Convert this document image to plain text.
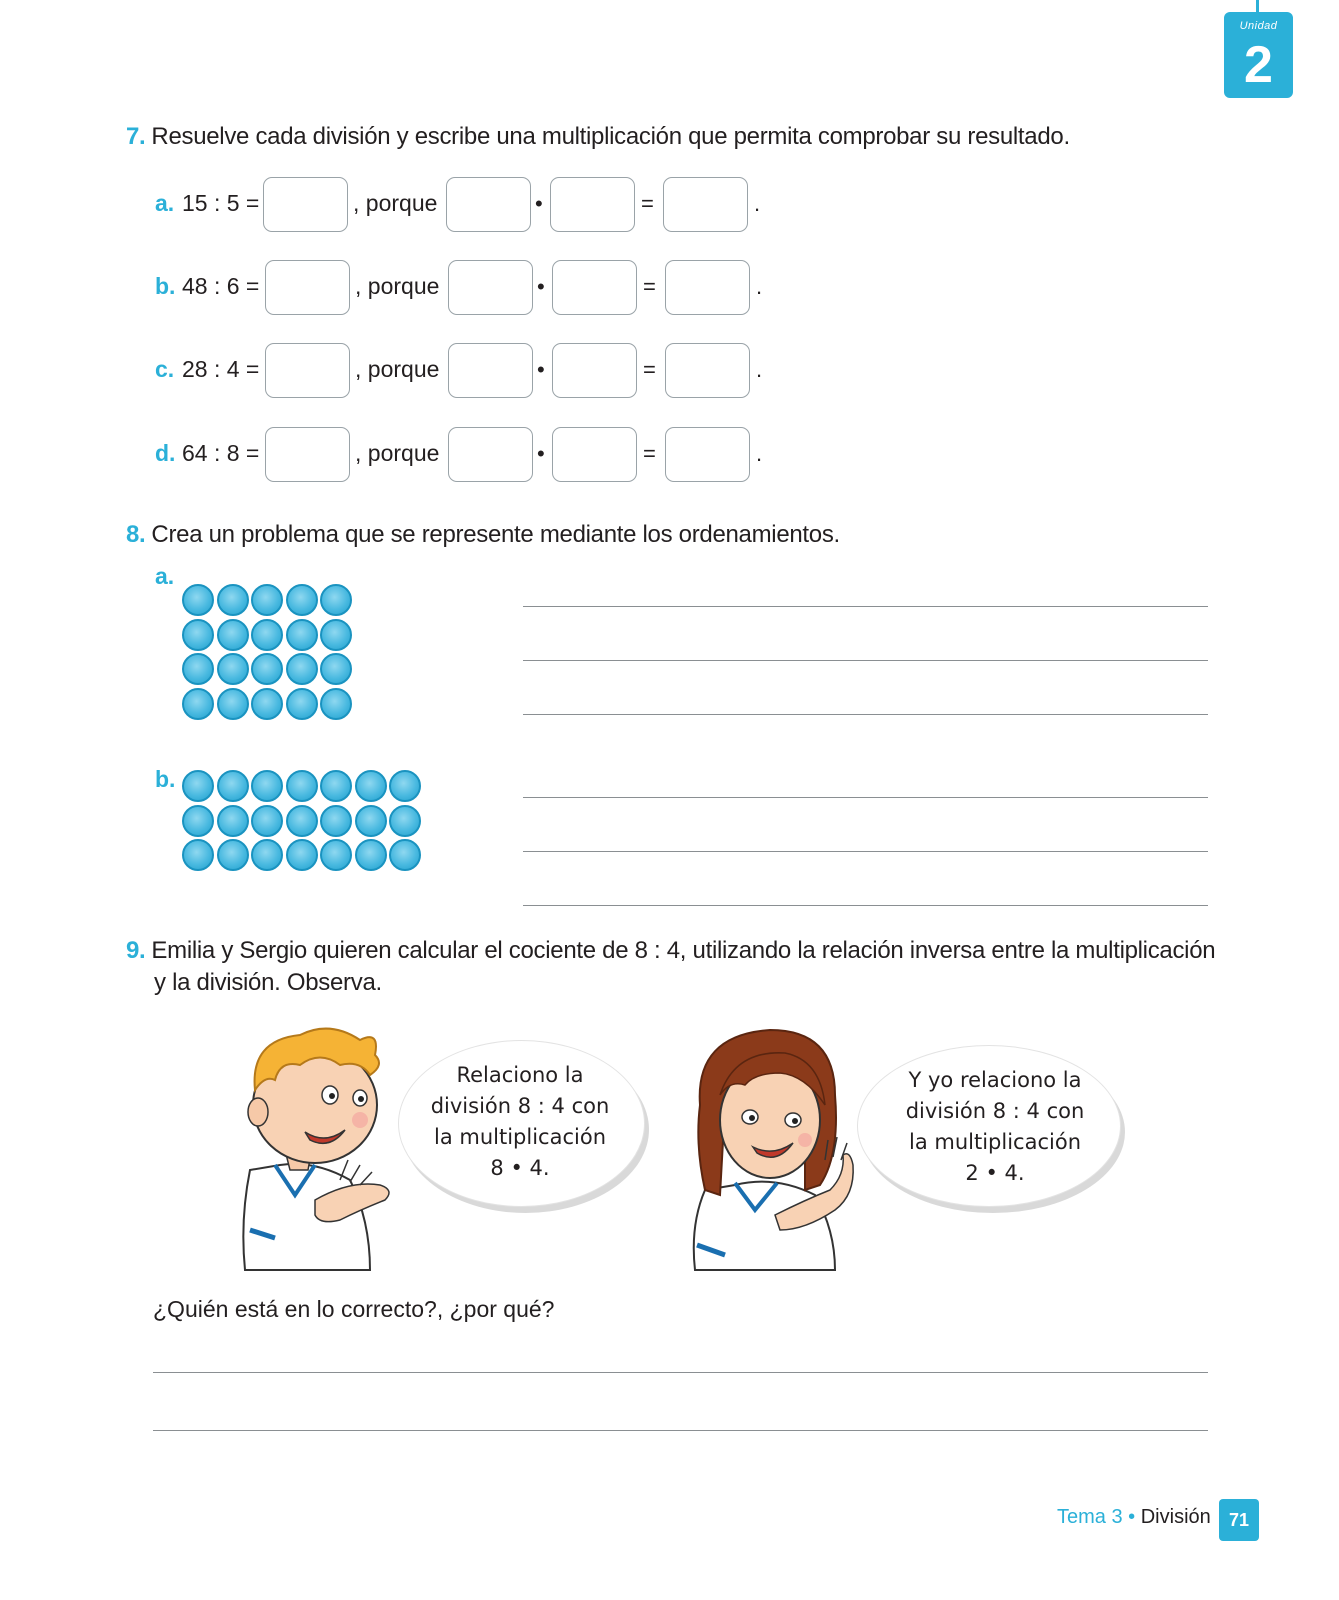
Unidad
2
7. Resuelve cada división y escribe una multiplicación que permita comprobar su resultado.
a. 15 : 5 =	, porque	•	=	.
b. 48 : 6 =	, porque	•	=	.
c. 28 : 4 =	, porque	•	=	.
d. 64 : 8 =	, porque	•	=	.
8. Crea un problema que se represente mediante los ordenamientos.
a.
b.
9. Emilia y Sergio quieren calcular el cociente de 8 : 4, utilizando la relación inversa entre la multiplicación
y la división. Observa.
Relaciono la
división 8 : 4 con
la multiplicación
8 • 4.
Y yo relaciono la
división 8 : 4 con
la multiplicación
2 • 4.
¿Quién está en lo correcto?, ¿por qué?
Tema 3 • División	71
